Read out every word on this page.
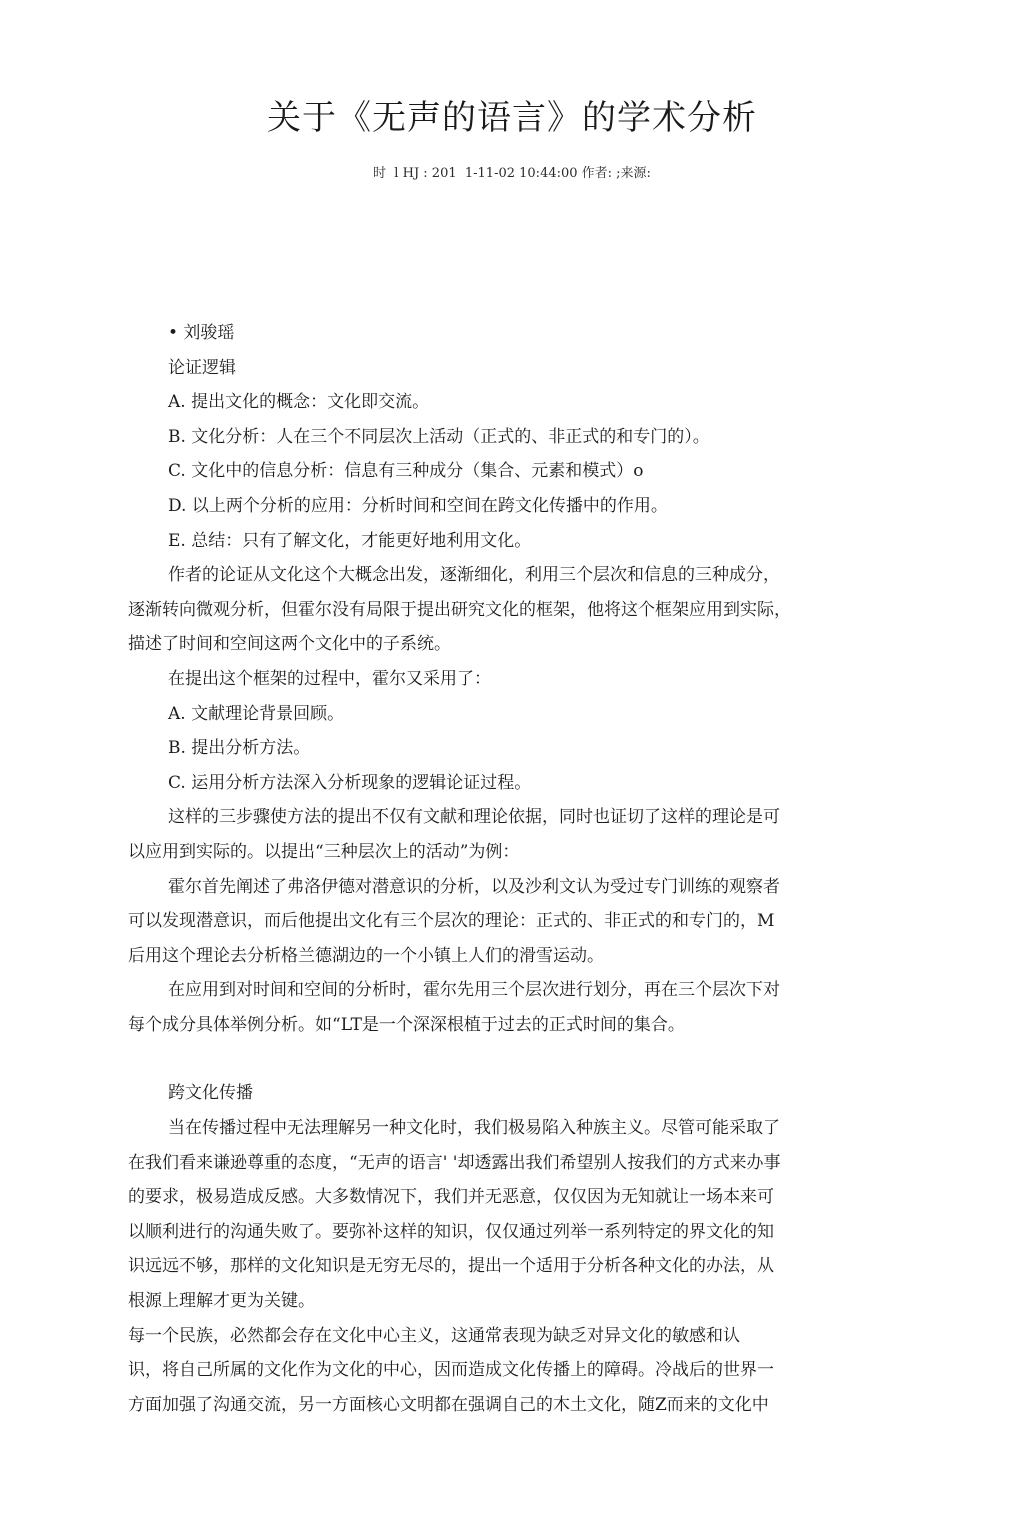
关于《无声的语言》的学术分析
时  l HJ : 201  1-11-02 10:44:00 作者: ;来源:

• 刘骏瑶

论证逻辑

A. 提出文化的概念：文化即交流。

B. 文化分析：人在三个不同层次上活动（正式的、非正式的和专门的）。

C. 文化中的信息分析：信息有三种成分（集合、元素和模式）o

D. 以上两个分析的应用：分析时间和空间在跨文化传播中的作用。

E. 总结：只有了解文化，才能更好地利用文化。

作者的论证从文化这个大概念出发，逐渐细化，利用三个层次和信息的三种成分，

逐渐转向微观分析，但霍尔没有局限于提出研究文化的框架，他将这个框架应用到实际，

描述了时间和空间这两个文化中的子系统。

在提出这个框架的过程中，霍尔又采用了：

A. 文献理论背景回顾。

B. 提出分析方法。

C. 运用分析方法深入分析现象的逻辑论证过程。

这样的三步骤使方法的提出不仅有文献和理论依据，同时也证切了这样的理论是可

以应用到实际的。以提出“三种层次上的活动”为例：

霍尔首先阐述了弗洛伊德对潜意识的分析，以及沙利文认为受过专门训练的观察者

可以发现潜意识，而后他提出文化有三个层次的理论：正式的、非正式的和专门的，M

后用这个理论去分析格兰德湖边的一个小镇上人们的滑雪运动。

在应用到对时间和空间的分析时，霍尔先用三个层次进行划分，再在三个层次下对

每个成分具体举例分析。如“LT是一个深深根植于过去的正式时间的集合。

跨文化传播

当在传播过程中无法理解另一种文化时，我们极易陷入种族主义。尽管可能采取了

在我们看来谦逊尊重的态度，“无声的语言' '却透露出我们希望别人按我们的方式来办事

的要求，极易造成反感。大多数情况下，我们并无恶意，仅仅因为无知就让一场本来可

以顺利进行的沟通失败了。要弥补这样的知识，仅仅通过列举一系列特定的界文化的知

识远远不够，那样的文化知识是无穷无尽的，提出一个适用于分析各种文化的办法，从

根源上理解才更为关键。

每一个民族，必然都会存在文化中心主义，这通常表现为缺乏对异文化的敏感和认

识，将自己所属的文化作为文化的中心，因而造成文化传播上的障碍。冷战后的世界一

方面加强了沟通交流，另一方面核心文明都在强调自己的木土文化，随Z而来的文化中
